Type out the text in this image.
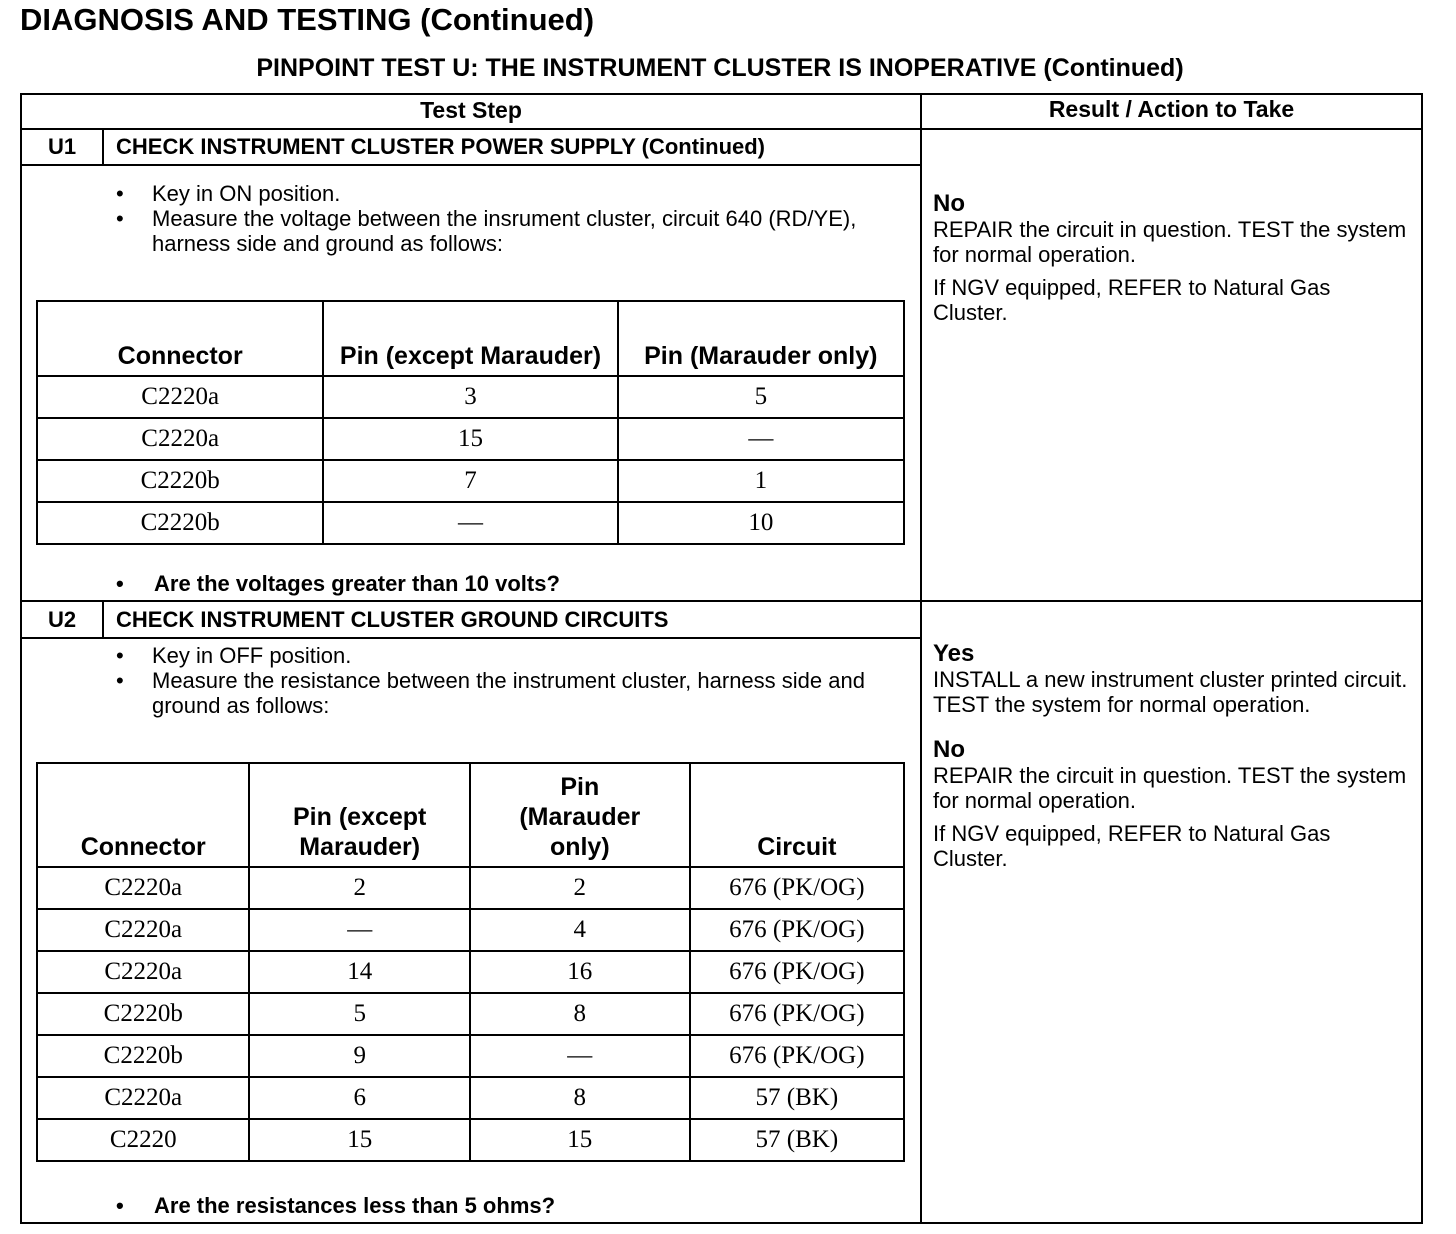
DIAGNOSIS AND TESTING (Continued)
PINPOINT TEST U: THE INSTRUMENT CLUSTER IS INOPERATIVE (Continued)
Test Step	Result / Action to Take
U1	CHECK INSTRUMENT CLUSTER POWER SUPPLY (Continued)
• Key in ON position.
• Measure the voltage between the insrument cluster, circuit 640 (RD/YE), harness side and ground as follows:
Connector	Pin (except Marauder)	Pin (Marauder only)
C2220a	3	5
C2220a	15	—
C2220b	7	1
C2220b	—	10
• Are the voltages greater than 10 volts?
No

REPAIR the circuit in question. TEST the system for normal operation.

If NGV equipped, REFER to Natural Gas Cluster.

U2	CHECK INSTRUMENT CLUSTER GROUND CIRCUITS
• Key in OFF position.
• Measure the resistance between the instrument cluster, harness side and ground as follows:
Connector	Pin (except Marauder)	Pin (Marauder only)	Circuit
C2220a	2	2	676 (PK/OG)
C2220a	—	4	676 (PK/OG)
C2220a	14	16	676 (PK/OG)
C2220b	5	8	676 (PK/OG)
C2220b	9	—	676 (PK/OG)
C2220a	6	8	57 (BK)
C2220	15	15	57 (BK)
• Are the resistances less than 5 ohms?
Yes

INSTALL a new instrument cluster printed circuit. TEST the system for normal operation.

No

REPAIR the circuit in question. TEST the system for normal operation.

If NGV equipped, REFER to Natural Gas Cluster.
